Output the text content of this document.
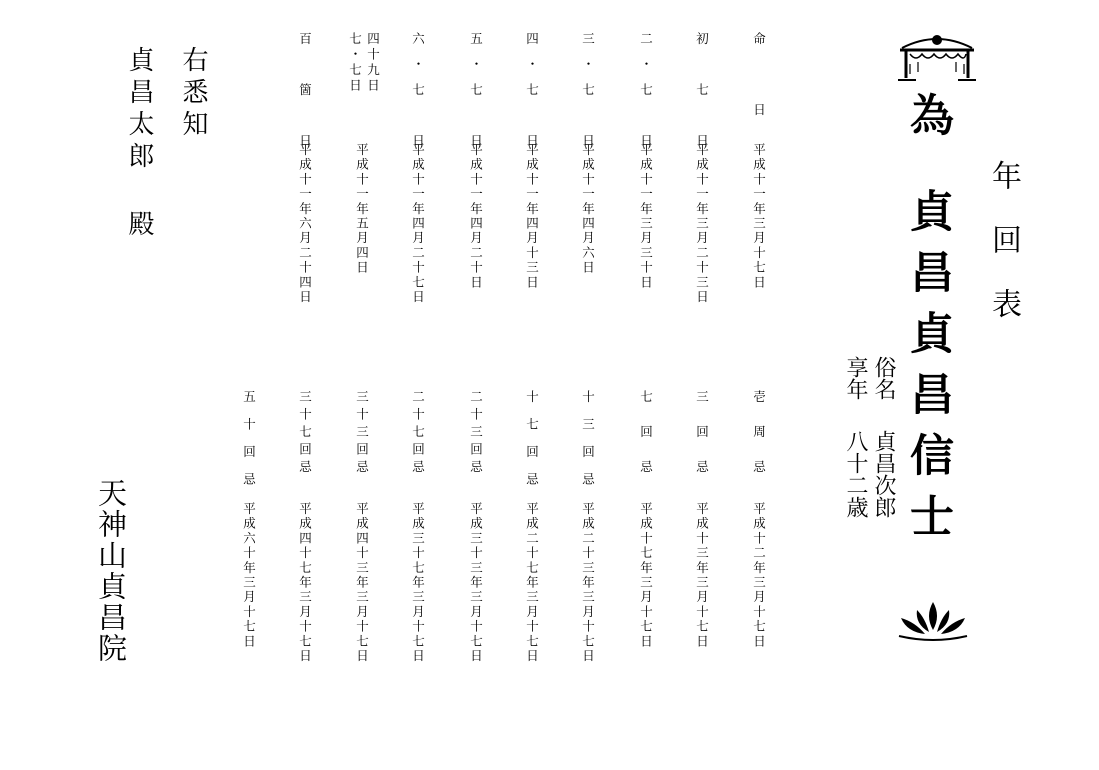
年回表
為
貞昌貞昌信士
俗名
享年
貞昌次郎
八十二歳
右悉知
貞昌太郎 殿
天神山貞昌院
命　日
平成十一年三月十七日
初　七　日
平成十一年三月二十三日
二・七　日
平成十一年三月三十日
三・七　日
平成十一年四月六日
四・七　日
平成十一年四月十三日
五・七　日
平成十一年四月二十日
六・七　日
平成十一年四月二十七日
四十九日
七・七日
平成十一年五月四日
百　箇　日
平成十一年六月二十四日
壱　周　忌
平成十二年三月十七日
三　回　忌
平成十三年三月十七日
七　回　忌
平成十七年三月十七日
十三回忌
平成二十三年三月十七日
十七回忌
平成二十七年三月十七日
二十三回忌
平成三十三年三月十七日
二十七回忌
平成三十七年三月十七日
三十三回忌
平成四十三年三月十七日
三十七回忌
平成四十七年三月十七日
五十回忌
平成六十年三月十七日
